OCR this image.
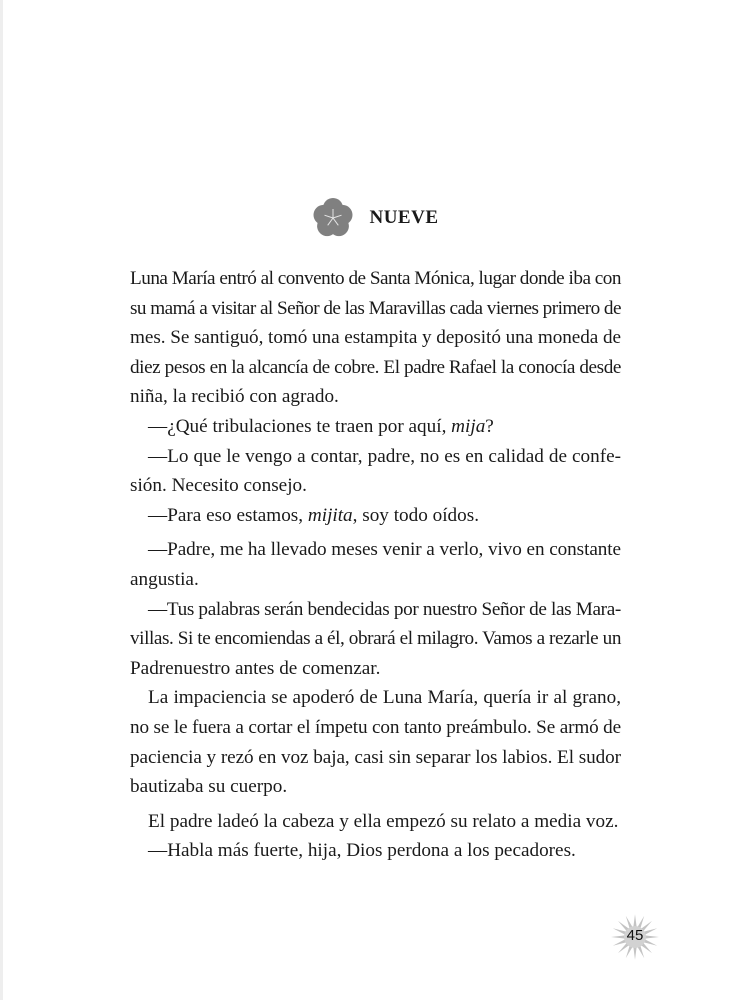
NUEVE
Luna María entró al convento de Santa Mónica, lugar donde iba con
su mamá a visitar al Señor de las Maravillas cada viernes primero de
mes. Se santiguó, tomó una estampita y depositó una moneda de
diez pesos en la alcancía de cobre. El padre Rafael la conocía desde
niña, la recibió con agrado.
—¿Qué tribulaciones te traen por aquí, mija?
—Lo que le vengo a contar, padre, no es en calidad de confe-
sión. Necesito consejo.
—Para eso estamos, mijita, soy todo oídos.
—Padre, me ha llevado meses venir a verlo, vivo en constante
angustia.
—Tus palabras serán bendecidas por nuestro Señor de las Mara-
villas. Si te encomiendas a él, obrará el milagro. Vamos a rezarle un
Padrenuestro antes de comenzar.
La impaciencia se apoderó de Luna María, quería ir al grano,
no se le fuera a cortar el ímpetu con tanto preámbulo. Se armó de
paciencia y rezó en voz baja, casi sin separar los labios. El sudor
bautizaba su cuerpo.
El padre ladeó la cabeza y ella empezó su relato a media voz.
—Habla más fuerte, hija, Dios perdona a los pecadores.
45
